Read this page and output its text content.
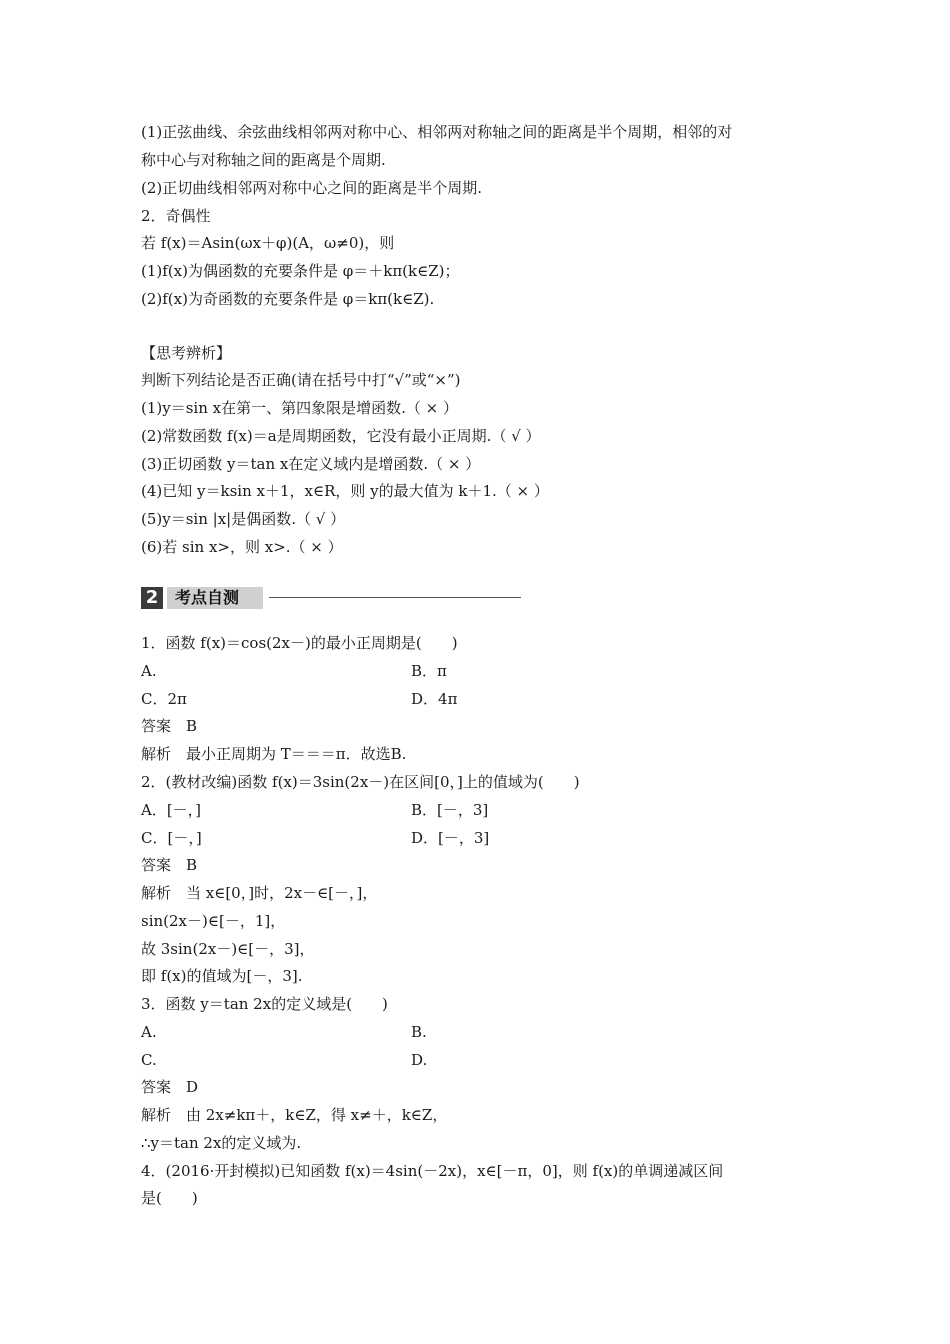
(1)正弦曲线、余弦曲线相邻两对称中心、相邻两对称轴之间的距离是半个周期，相邻的对
称中心与对称轴之间的距离是个周期.
(2)正切曲线相邻两对称中心之间的距离是半个周期.
2．奇偶性
若 f(x)＝Asin(ωx＋φ)(A，ω≠0)，则
(1)f(x)为偶函数的充要条件是 φ＝＋kπ(k∈Z)；
(2)f(x)为奇函数的充要条件是 φ＝kπ(k∈Z).
【思考辨析】
判断下列结论是否正确(请在括号中打“√”或“×”)
(1)y＝sin x在第一、第四象限是增函数.（ × ）
(2)常数函数 f(x)＝a是周期函数，它没有最小正周期.（ √ ）
(3)正切函数 y＝tan x在定义域内是增函数.（ × ）
(4)已知 y＝ksin x＋1，x∈R，则 y的最大值为 k＋1.（ × ）
(5)y＝sin |x|是偶函数.（ √ ）
(6)若 sin x>，则 x>.（ × ）
2	考点自测
1．函数 f(x)＝cos(2x－)的最小正周期是(　　)
A.	B．π
C．2π	D．4π
答案　B
解析　最小正周期为 T＝＝＝π．故选B.
2．(教材改编)函数 f(x)＝3sin(2x－)在区间[0，]上的值域为(　　)
A．[－，]	B．[－，3]
C．[－，]	D．[－，3]
答案　B
解析　当 x∈[0，]时，2x－∈[－，]，
sin(2x－)∈[－，1]，
故 3sin(2x－)∈[－，3]，
即 f(x)的值域为[－，3].
3．函数 y＝tan 2x的定义域是(　　)
A.	B.
C.	D.
答案　D
解析　由 2x≠kπ＋，k∈Z，得 x≠＋，k∈Z，
∴y＝tan 2x的定义域为.
4．(2016·开封模拟)已知函数 f(x)＝4sin(－2x)，x∈[－π，0]，则 f(x)的单调递减区间
是(　　)
